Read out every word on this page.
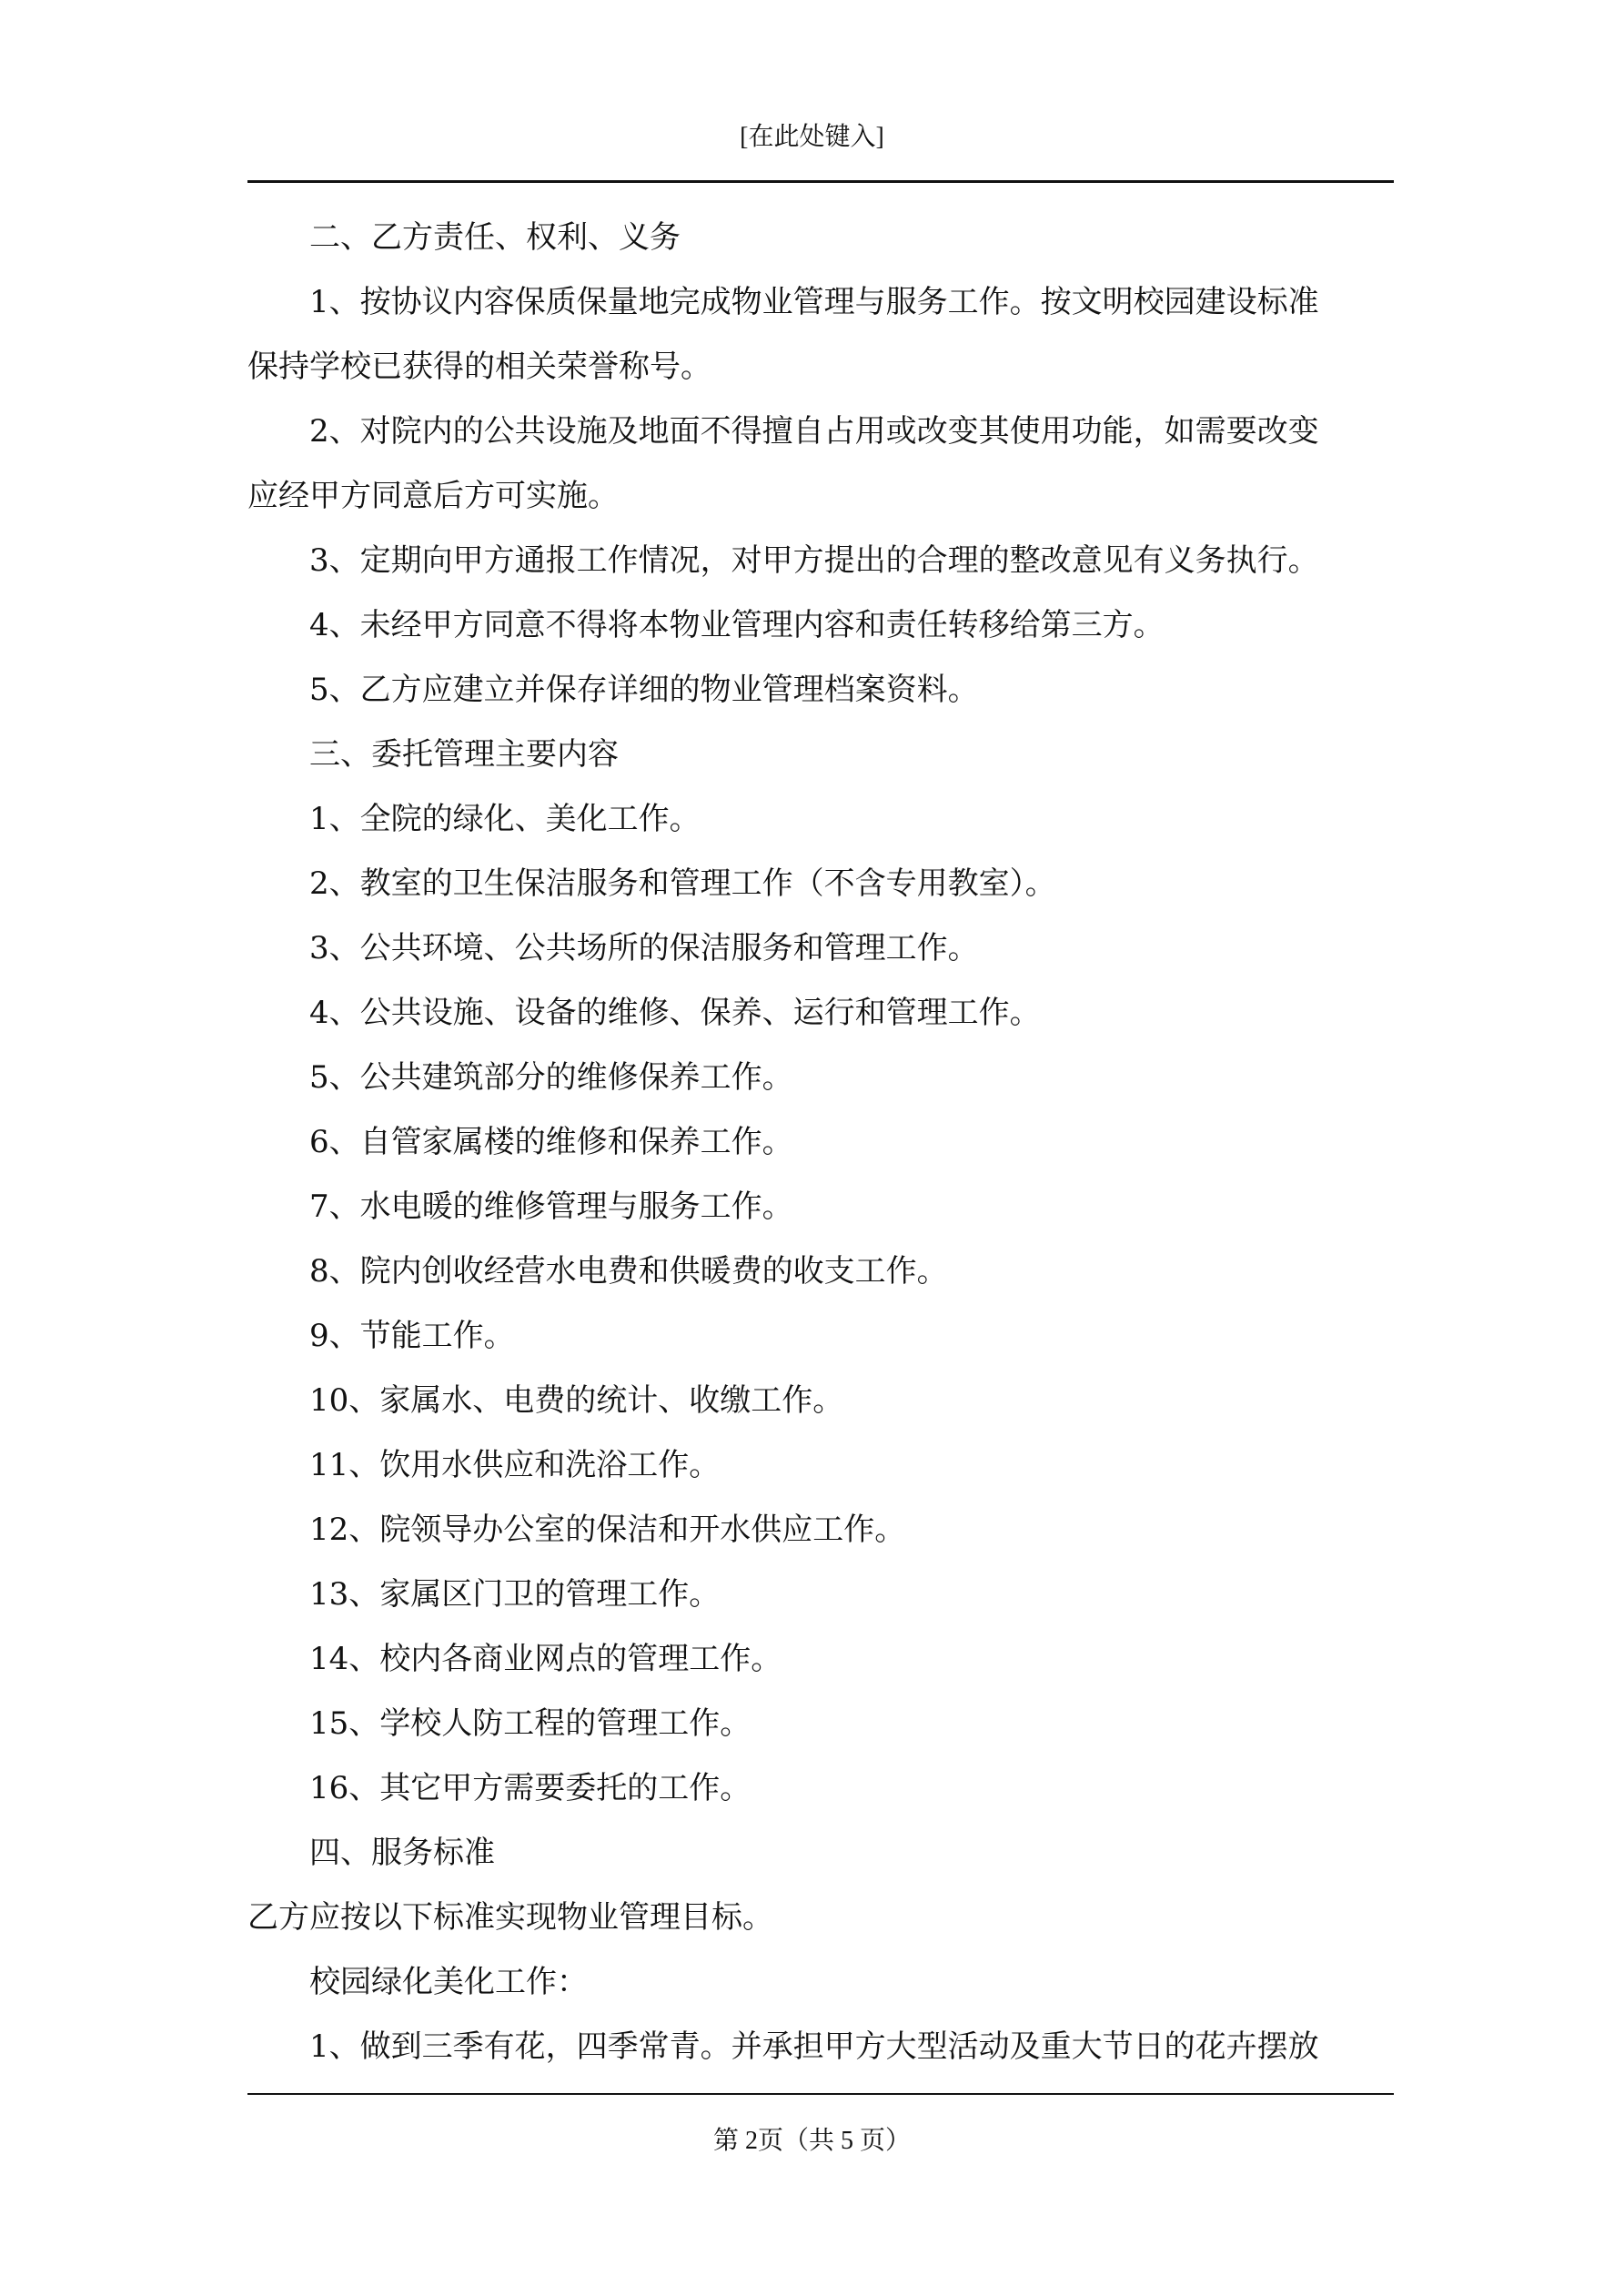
[在此处键入]
二、乙方责任、权利、义务
1、按协议内容保质保量地完成物业管理与服务工作。按文明校园建设标准
保持学校已获得的相关荣誉称号。
2、对院内的公共设施及地面不得擅自占用或改变其使用功能，如需要改变
应经甲方同意后方可实施。
3、定期向甲方通报工作情况，对甲方提出的合理的整改意见有义务执行。
4、未经甲方同意不得将本物业管理内容和责任转移给第三方。
5、乙方应建立并保存详细的物业管理档案资料。
三、委托管理主要内容
1、全院的绿化、美化工作。
2、教室的卫生保洁服务和管理工作（不含专用教室）。
3、公共环境、公共场所的保洁服务和管理工作。
4、公共设施、设备的维修、保养、运行和管理工作。
5、公共建筑部分的维修保养工作。
6、自管家属楼的维修和保养工作。
7、水电暖的维修管理与服务工作。
8、院内创收经营水电费和供暖费的收支工作。
9、节能工作。
10、家属水、电费的统计、收缴工作。
11、饮用水供应和洗浴工作。
12、院领导办公室的保洁和开水供应工作。
13、家属区门卫的管理工作。
14、校内各商业网点的管理工作。
15、学校人防工程的管理工作。
16、其它甲方需要委托的工作。
四、服务标准
乙方应按以下标准实现物业管理目标。
校园绿化美化工作：
1、做到三季有花，四季常青。并承担甲方大型活动及重大节日的花卉摆放
第 2页（共 5 页）
